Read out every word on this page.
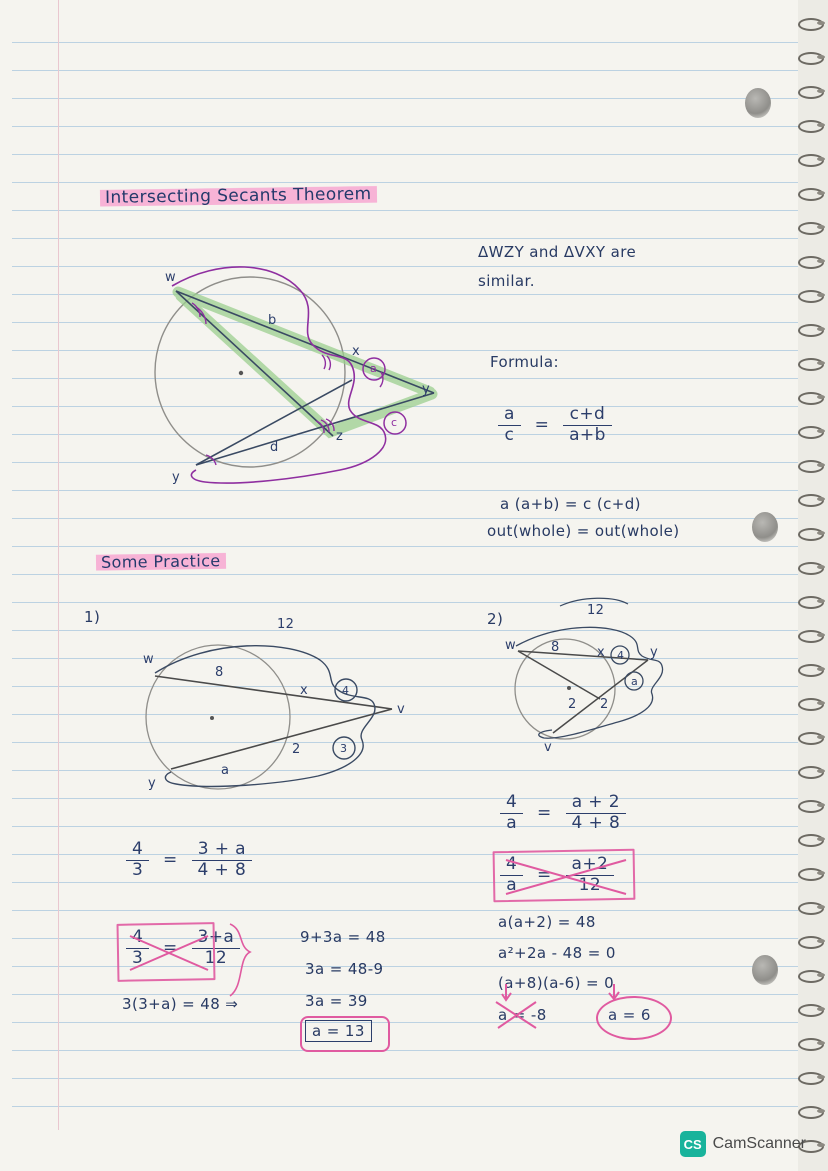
Intersecting Secants Theorem
w
b
x
y
z
d
y
a
c
ΔWZY and ΔVXY are
similar.
Formula:
$\frac{a}{c} = \frac{c+d}{a+b}$
a (a+b) = c (c+d)
out(whole) = out(whole)
Some Practice
1)	12
w
8
x	4
v
2	3
a
y
$\frac{4}{3} = \frac{3 + a}{4 + 8}$
$\frac{4}{3} = \frac{3+a}{12}$
3(3+a) = 48 ⇒
9+3a = 48
3a = 48-9
3a = 39
a = 13
2)	12
w	8	x 4 y
a
2 2
v
$\frac{4}{a} = \frac{a + 2}{4 + 8}$
$\frac{4}{a} = \frac{a+2}{12}$
a(a+2) = 48
a²+2a - 48 = 0
(a+8)(a-6) = 0
a = -8	a = 6
CS CamScanner
